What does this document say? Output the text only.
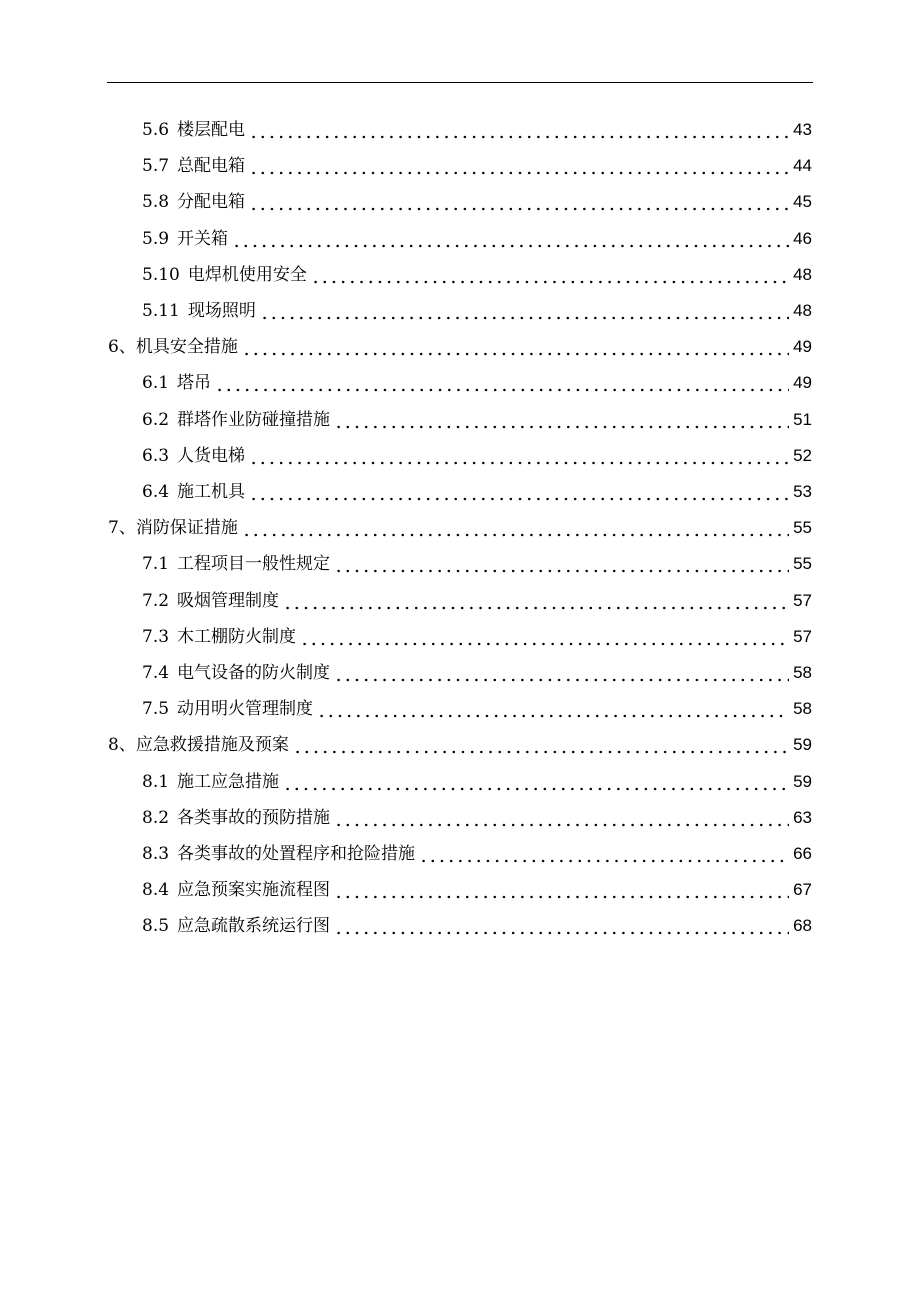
5.6 楼层配电	43
5.7 总配电箱	44
5.8 分配电箱	45
5.9 开关箱	46
5.10 电焊机使用安全	48
5.11 现场照明	48
6、 机具安全措施	49
6.1 塔吊	49
6.2 群塔作业防碰撞措施	51
6.3 人货电梯	52
6.4 施工机具	53
7、 消防保证措施	55
7.1 工程项目一般性规定	55
7.2 吸烟管理制度	57
7.3 木工棚防火制度	57
7.4 电气设备的防火制度	58
7.5 动用明火管理制度	58
8、 应急救援措施及预案	59
8.1 施工应急措施	59
8.2 各类事故的预防措施	63
8.3 各类事故的处置程序和抢险措施	66
8.4 应急预案实施流程图	67
8.5 应急疏散系统运行图	68
